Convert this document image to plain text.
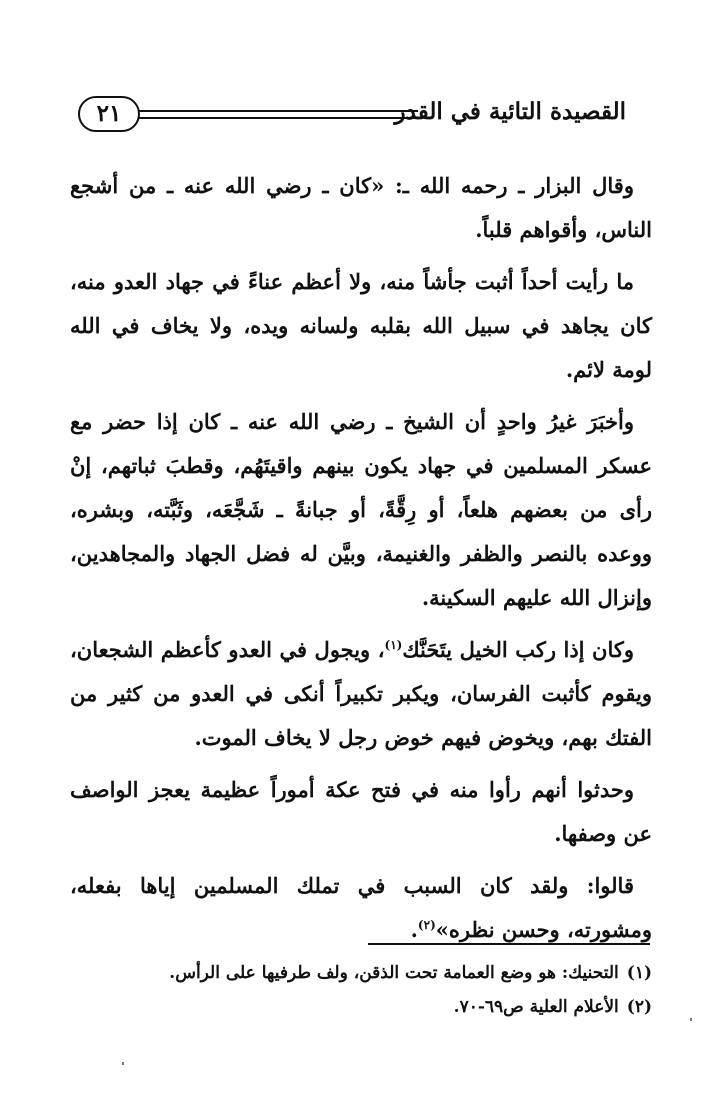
٢١	القصيدة التائية في القدر

وقال البزار ـ رحمه الله ـ: «كان ـ رضي الله عنه ـ من أشجع الناس، وأقواهم قلباً.

ما رأيت أحداً أثبت جأشاً منه، ولا أعظم عناءً في جهاد العدو منه، كان يجاهد في سبيل الله بقلبه ولسانه ويده، ولا يخاف في الله لومة لائم.

وأخبَرَ غيرُ واحدٍ أن الشيخ ـ رضي الله عنه ـ كان إذا حضر مع عسكر المسلمين في جهاد يكون بينهم واقيتَهُم، وقطبَ ثباتهم، إنْ رأى من بعضهم هلعاً، أو رِقَّةً، أو جبانةً ـ شَجَّعَه، وثَبَّته، وبشره، ووعده بالنصر والظفر والغنيمة، وبيَّن له فضل الجهاد والمجاهدين، وإنزال الله عليهم السكينة.

وكان إذا ركب الخيل يتَحَنَّك$^{(١)}$، ويجول في العدو كأعظم الشجعان، ويقوم كأثبت الفرسان، ويكبر تكبيراً أنكى في العدو من كثير من الفتك بهم، ويخوض فيهم خوض رجل لا يخاف الموت.

وحدثوا أنهم رأوا منه في فتح عكة أموراً عظيمة يعجز الواصف عن وصفها.

قالوا: ولقد كان السبب في تملك المسلمين إياها بفعله، ومشورته، وحسن نظره»$^{(٢)}$.

(١)التحنيك: هو وضع العمامة تحت الذقن، ولف طرفيها على الرأس.

(٢)الأعلام العلية ص٦٩-٧٠.
